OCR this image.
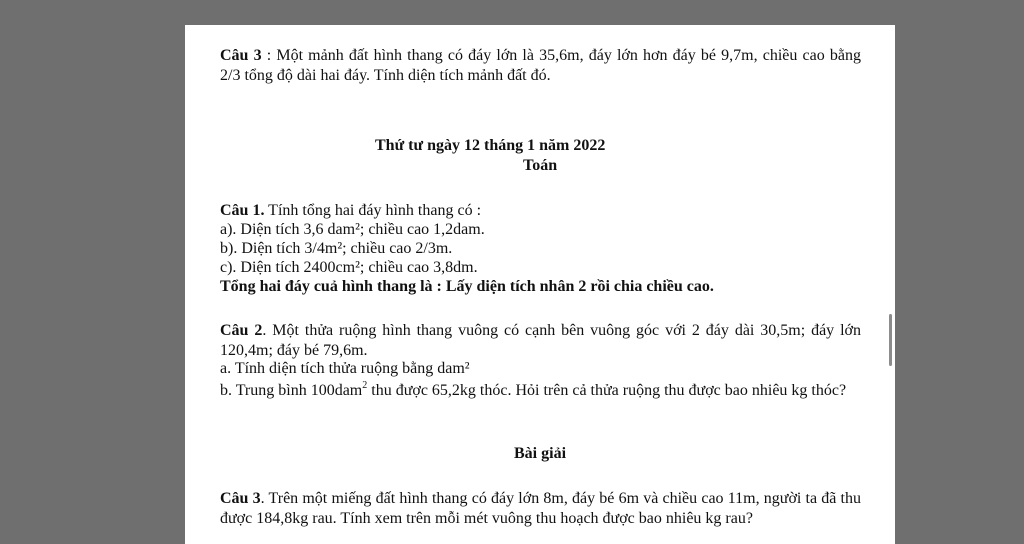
Câu 3 : Một mảnh đất hình thang có đáy lớn là 35,6m, đáy lớn hơn đáy bé 9,7m, chiều cao bằng 2/3 tổng độ dài hai đáy. Tính diện tích mảnh đất đó.

Thứ tư ngày 12 tháng 1 năm 2022

Toán

Câu 1. Tính tổng hai đáy hình thang có :

a). Diện tích 3,6 dam²; chiều cao 1,2dam.

b). Diện tích 3/4m²; chiều cao 2/3m.

c). Diện tích 2400cm²; chiều cao 3,8dm.

Tổng hai đáy cuả hình thang là : Lấy diện tích nhân 2 rồi chia chiều cao.

Câu 2. Một thửa ruộng hình thang vuông có cạnh bên vuông góc với 2 đáy dài 30,5m; đáy lớn 120,4m; đáy bé 79,6m.

a. Tính diện tích thửa ruộng bằng dam²

b. Trung bình 100dam$^2$ thu được 65,2kg thóc. Hỏi trên cả thửa ruộng thu được bao nhiêu kg thóc?

Bài giải

Câu 3. Trên một miếng đất hình thang có đáy lớn 8m, đáy bé 6m và chiều cao 11m, người ta đã thu được 184,8kg rau. Tính xem trên mỗi mét vuông thu hoạch được bao nhiêu kg rau?
